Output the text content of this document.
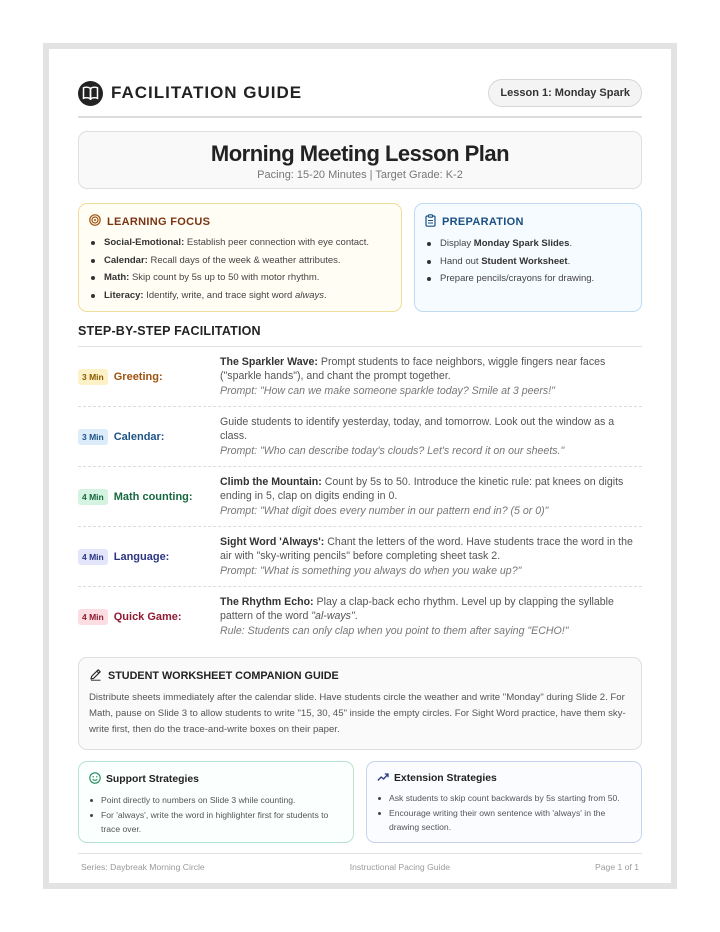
FACILITATION GUIDE	Lesson 1: Monday Spark
Morning Meeting Lesson Plan
Pacing: 15-20 Minutes | Target Grade: K-2
LEARNING FOCUS
Social-Emotional: Establish peer connection with eye contact.
Calendar: Recall days of the week & weather attributes.
Math: Skip count by 5s up to 50 with motor rhythm.
Literacy: Identify, write, and trace sight word always.
PREPARATION
Display Monday Spark Slides.
Hand out Student Worksheet.
Prepare pencils/crayons for drawing.
STEP-BY-STEP FACILITATION
3 Min Greeting:
The Sparkler Wave: Prompt students to face neighbors, wiggle fingers near faces ("sparkle hands"), and chant the prompt together.
Prompt: "How can we make someone sparkle today? Smile at 3 peers!"
3 Min Calendar:
Guide students to identify yesterday, today, and tomorrow. Look out the window as a class.
Prompt: "Who can describe today's clouds? Let's record it on our sheets."
4 Min Math counting:
Climb the Mountain: Count by 5s to 50. Introduce the kinetic rule: pat knees on digits ending in 5, clap on digits ending in 0.
Prompt: "What digit does every number in our pattern end in? (5 or 0)"
4 Min Language:
Sight Word 'Always': Chant the letters of the word. Have students trace the word in the air with "sky-writing pencils" before completing sheet task 2.
Prompt: "What is something you always do when you wake up?"
4 Min Quick Game:
The Rhythm Echo: Play a clap-back echo rhythm. Level up by clapping the syllable pattern of the word "al-ways".
Rule: Students can only clap when you point to them after saying "ECHO!"
STUDENT WORKSHEET COMPANION GUIDE
Distribute sheets immediately after the calendar slide. Have students circle the weather and write "Monday" during Slide 2. For Math, pause on Slide 3 to allow students to write "15, 30, 45" inside the empty circles. For Sight Word practice, have them sky-write first, then do the trace-and-write boxes on their paper.
Support Strategies
Point directly to numbers on Slide 3 while counting.
For 'always', write the word in highlighter first for students to trace over.
Extension Strategies
Ask students to skip count backwards by 5s starting from 50.
Encourage writing their own sentence with 'always' in the drawing section.
Series: Daybreak Morning Circle	Instructional Pacing Guide	Page 1 of 1
